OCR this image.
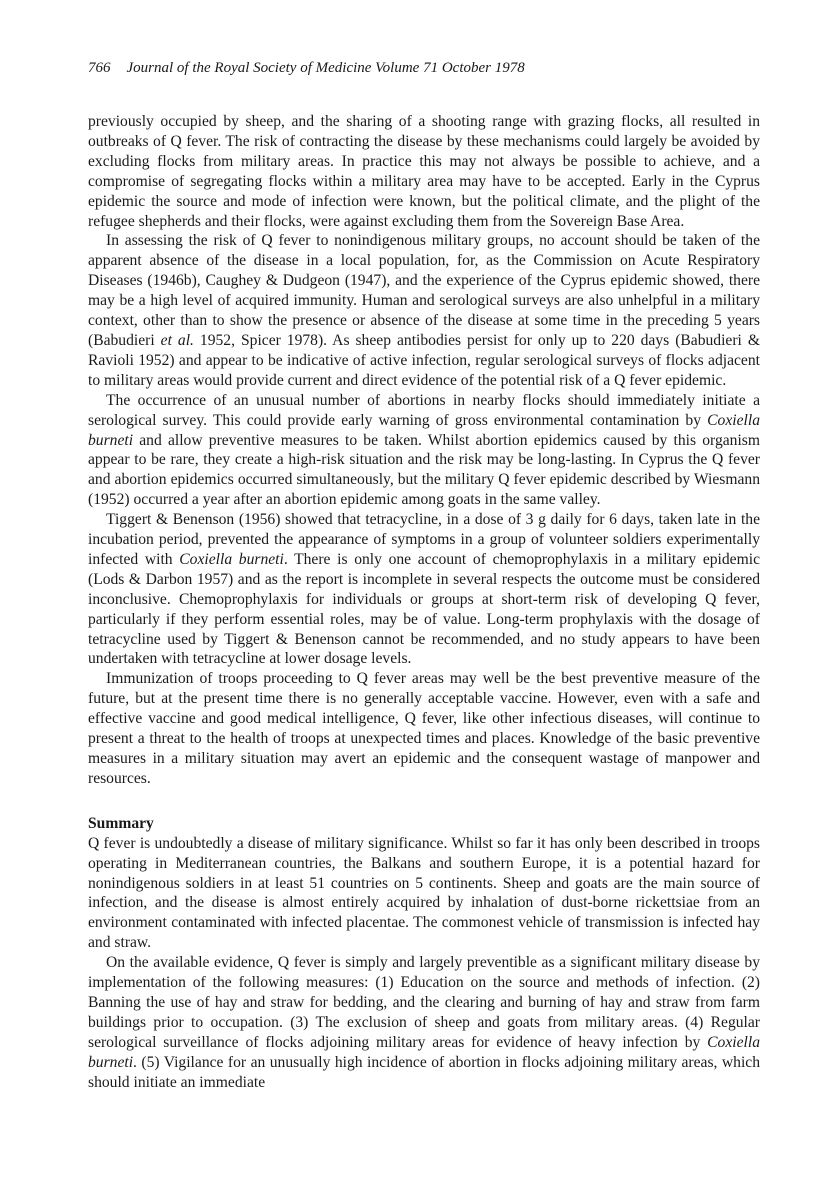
766 Journal of the Royal Society of Medicine Volume 71 October 1978

previously occupied by sheep, and the sharing of a shooting range with grazing flocks, all resulted in outbreaks of Q fever. The risk of contracting the disease by these mechanisms could largely be avoided by excluding flocks from military areas. In practice this may not always be possible to achieve, and a compromise of segregating flocks within a military area may have to be accepted. Early in the Cyprus epidemic the source and mode of infection were known, but the political climate, and the plight of the refugee shepherds and their flocks, were against excluding them from the Sovereign Base Area.

In assessing the risk of Q fever to nonindigenous military groups, no account should be taken of the apparent absence of the disease in a local population, for, as the Commission on Acute Respiratory Diseases (1946b), Caughey & Dudgeon (1947), and the experience of the Cyprus epidemic showed, there may be a high level of acquired immunity. Human and serological surveys are also unhelpful in a military context, other than to show the presence or absence of the disease at some time in the preceding 5 years (Babudieri et al. 1952, Spicer 1978). As sheep antibodies persist for only up to 220 days (Babudieri & Ravioli 1952) and appear to be indicative of active infection, regular serological surveys of flocks adjacent to military areas would provide current and direct evidence of the potential risk of a Q fever epidemic.

The occurrence of an unusual number of abortions in nearby flocks should immediately initiate a serological survey. This could provide early warning of gross environmental contamination by Coxiella burneti and allow preventive measures to be taken. Whilst abortion epidemics caused by this organism appear to be rare, they create a high-risk situation and the risk may be long-lasting. In Cyprus the Q fever and abortion epidemics occurred simultaneously, but the military Q fever epidemic described by Wiesmann (1952) occurred a year after an abortion epidemic among goats in the same valley.

Tiggert & Benenson (1956) showed that tetracycline, in a dose of 3 g daily for 6 days, taken late in the incubation period, prevented the appearance of symptoms in a group of volunteer soldiers experimentally infected with Coxiella burneti. There is only one account of chemoprophylaxis in a military epidemic (Lods & Darbon 1957) and as the report is incomplete in several respects the outcome must be considered inconclusive. Chemoprophylaxis for individuals or groups at short-term risk of developing Q fever, particularly if they perform essential roles, may be of value. Long-term prophylaxis with the dosage of tetracycline used by Tiggert & Benenson cannot be recommended, and no study appears to have been undertaken with tetracycline at lower dosage levels.

Immunization of troops proceeding to Q fever areas may well be the best preventive measure of the future, but at the present time there is no generally acceptable vaccine. However, even with a safe and effective vaccine and good medical intelligence, Q fever, like other infectious diseases, will continue to present a threat to the health of troops at unexpected times and places. Knowledge of the basic preventive measures in a military situation may avert an epidemic and the consequent wastage of manpower and resources.

Summary

Q fever is undoubtedly a disease of military significance. Whilst so far it has only been described in troops operating in Mediterranean countries, the Balkans and southern Europe, it is a potential hazard for nonindigenous soldiers in at least 51 countries on 5 continents. Sheep and goats are the main source of infection, and the disease is almost entirely acquired by inhalation of dust-borne rickettsiae from an environment contaminated with infected placentae. The commonest vehicle of transmission is infected hay and straw.

On the available evidence, Q fever is simply and largely preventible as a significant military disease by implementation of the following measures: (1) Education on the source and methods of infection. (2) Banning the use of hay and straw for bedding, and the clearing and burning of hay and straw from farm buildings prior to occupation. (3) The exclusion of sheep and goats from military areas. (4) Regular serological surveillance of flocks adjoining military areas for evidence of heavy infection by Coxiella burneti. (5) Vigilance for an unusually high incidence of abortion in flocks adjoining military areas, which should initiate an immediate
